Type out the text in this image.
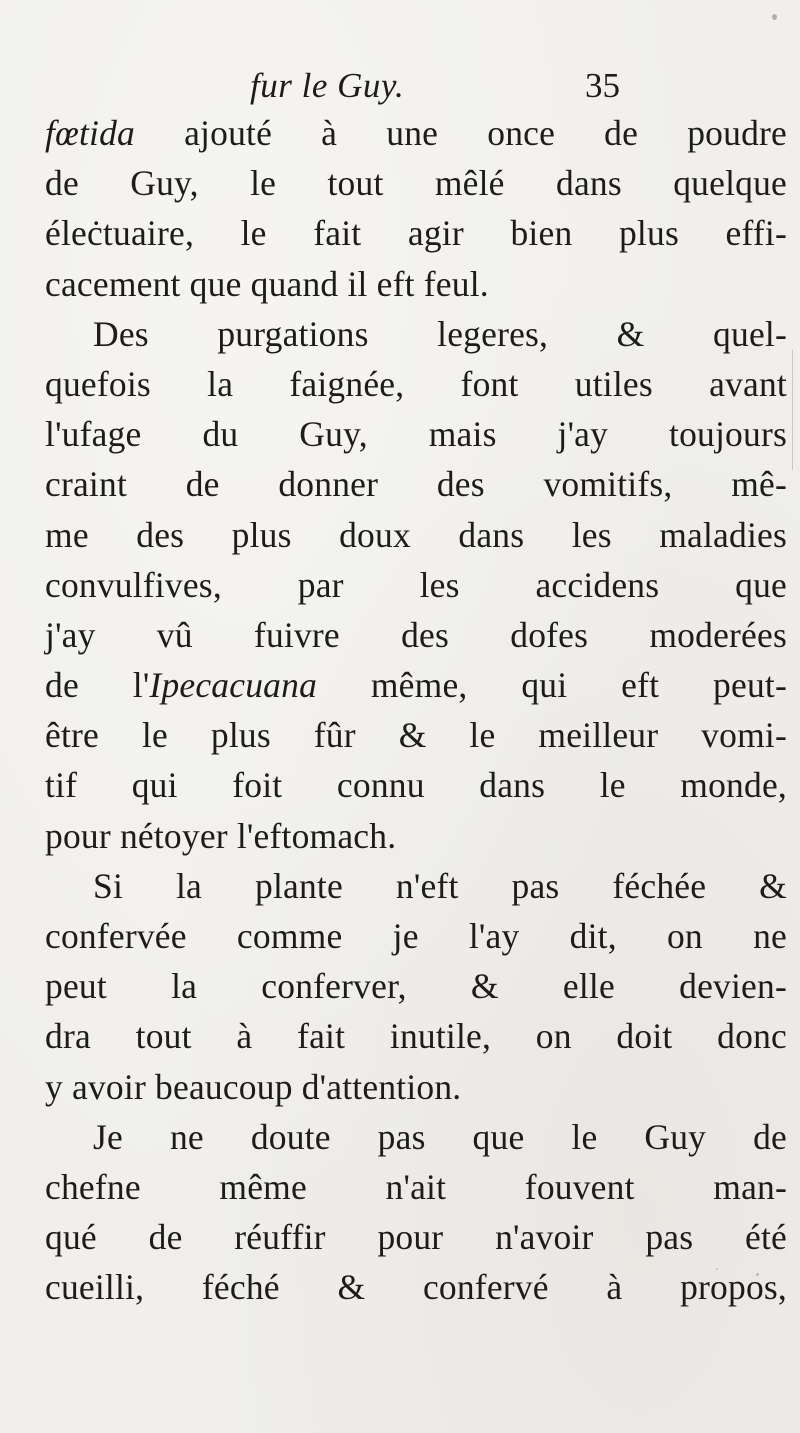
fur le Guy.	35
fœtida ajouté à une once de poudre
de Guy, le tout mêlé dans quelque
éleċtuaire, le fait agir bien plus effi-
cacement que quand il eft feul.
Des purgations legeres, & quel-
quefois la faignée, font utiles avant
l'ufage du Guy, mais j'ay toujours
craint de donner des vomitifs, mê-
me des plus doux dans les maladies
convulfives, par les accidens que
j'ay vû fuivre des dofes moderées
de l'Ipecacuana même, qui eft peut-
être le plus fûr & le meilleur vomi-
tif qui foit connu dans le monde,
pour nétoyer l'eftomach.
Si la plante n'eft pas féchée &
confervée comme je l'ay dit, on ne
peut la conferver, & elle devien-
dra tout à fait inutile, on doit donc
y avoir beaucoup d'attention.
Je ne doute pas que le Guy de
chefne même n'ait fouvent man-
qué de réuffir pour n'avoir pas été
cueilli, féché & confervé à propos,
